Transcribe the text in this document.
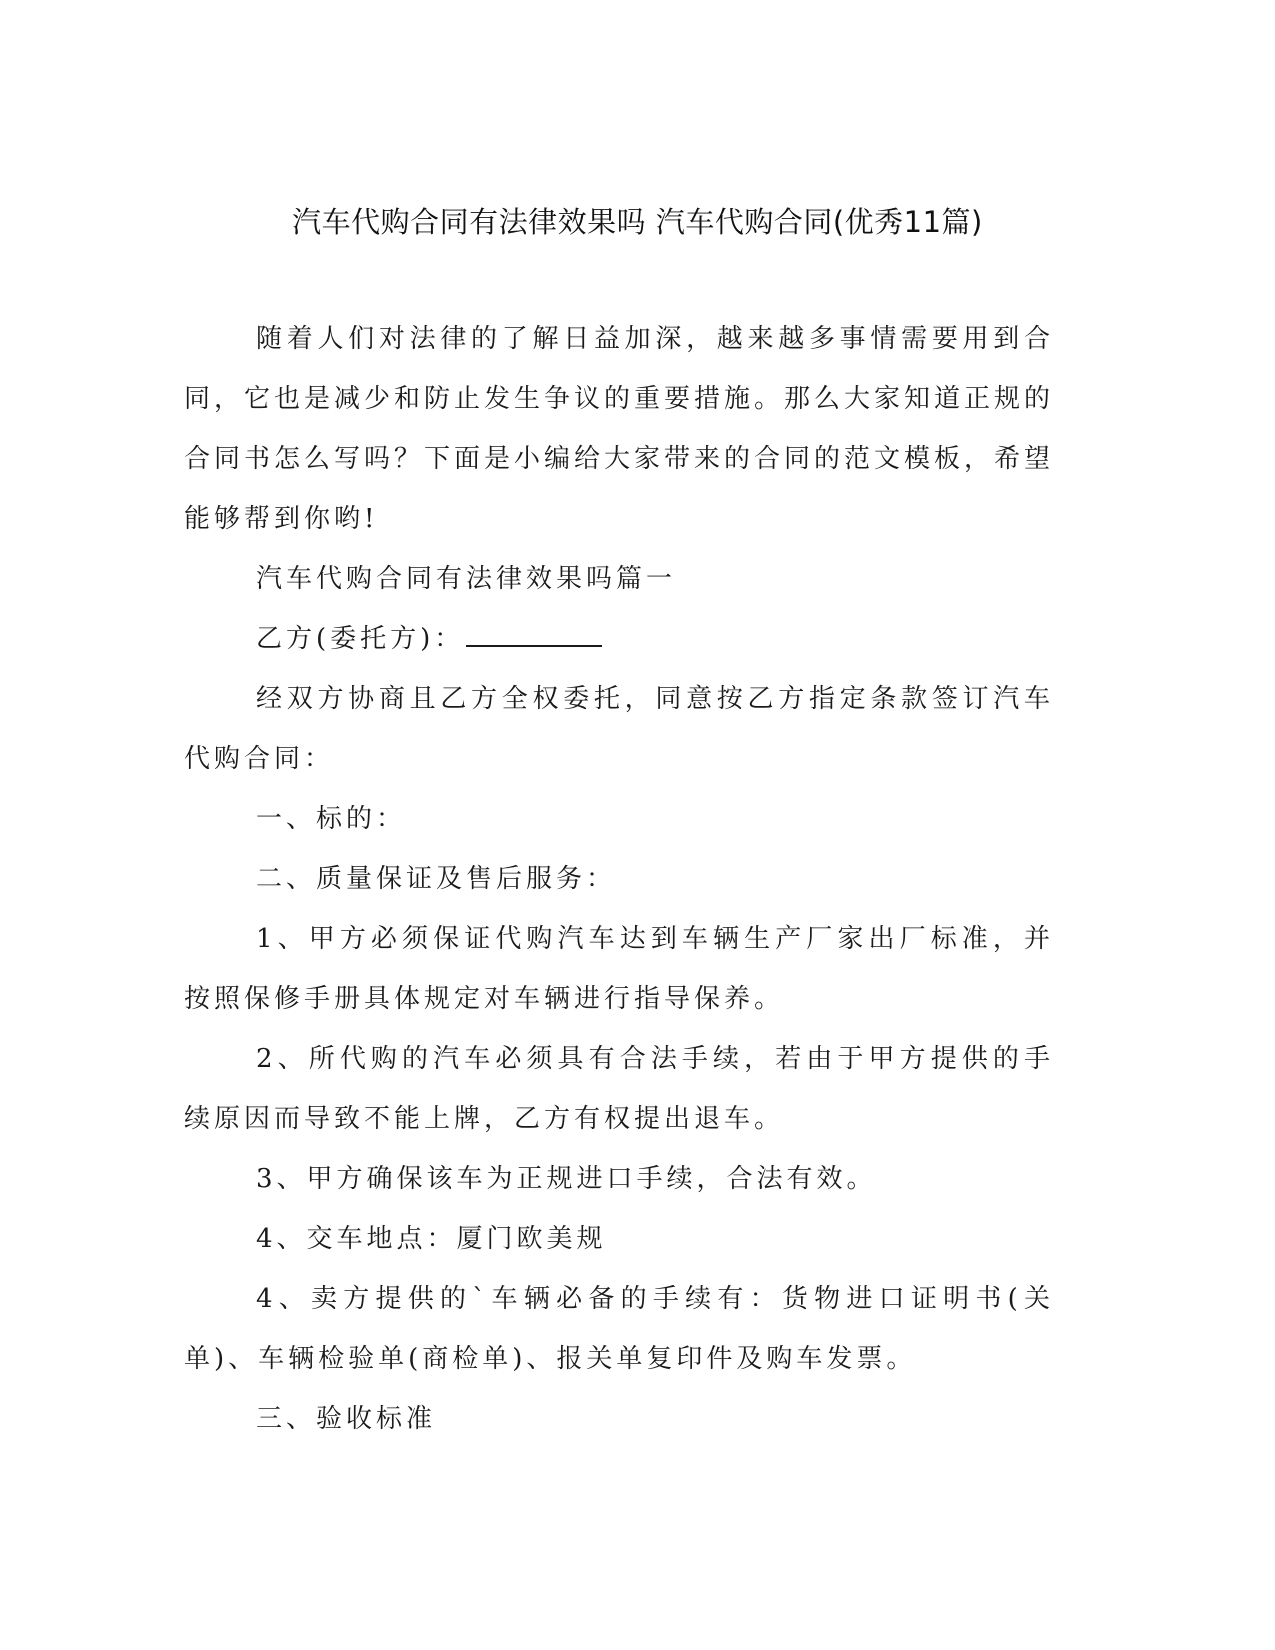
汽车代购合同有法律效果吗 汽车代购合同(优秀11篇)

随着人们对法律的了解日益加深，越来越多事情需要用到合同，它也是减少和防止发生争议的重要措施。那么大家知道正规的合同书怎么写吗？下面是小编给大家带来的合同的范文模板，希望能够帮到你哟!

汽车代购合同有法律效果吗篇一

乙方(委托方)：

经双方协商且乙方全权委托，同意按乙方指定条款签订汽车代购合同：

一、标的：

二、质量保证及售后服务：

1、甲方必须保证代购汽车达到车辆生产厂家出厂标准，并按照保修手册具体规定对车辆进行指导保养。

2、所代购的汽车必须具有合法手续，若由于甲方提供的手续原因而导致不能上牌，乙方有权提出退车。

3、甲方确保该车为正规进口手续，合法有效。

4、交车地点：厦门欧美规

4、卖方提供的`车辆必备的手续有：货物进口证明书(关单)、车辆检验单(商检单)、报关单复印件及购车发票。

三、验收标准
